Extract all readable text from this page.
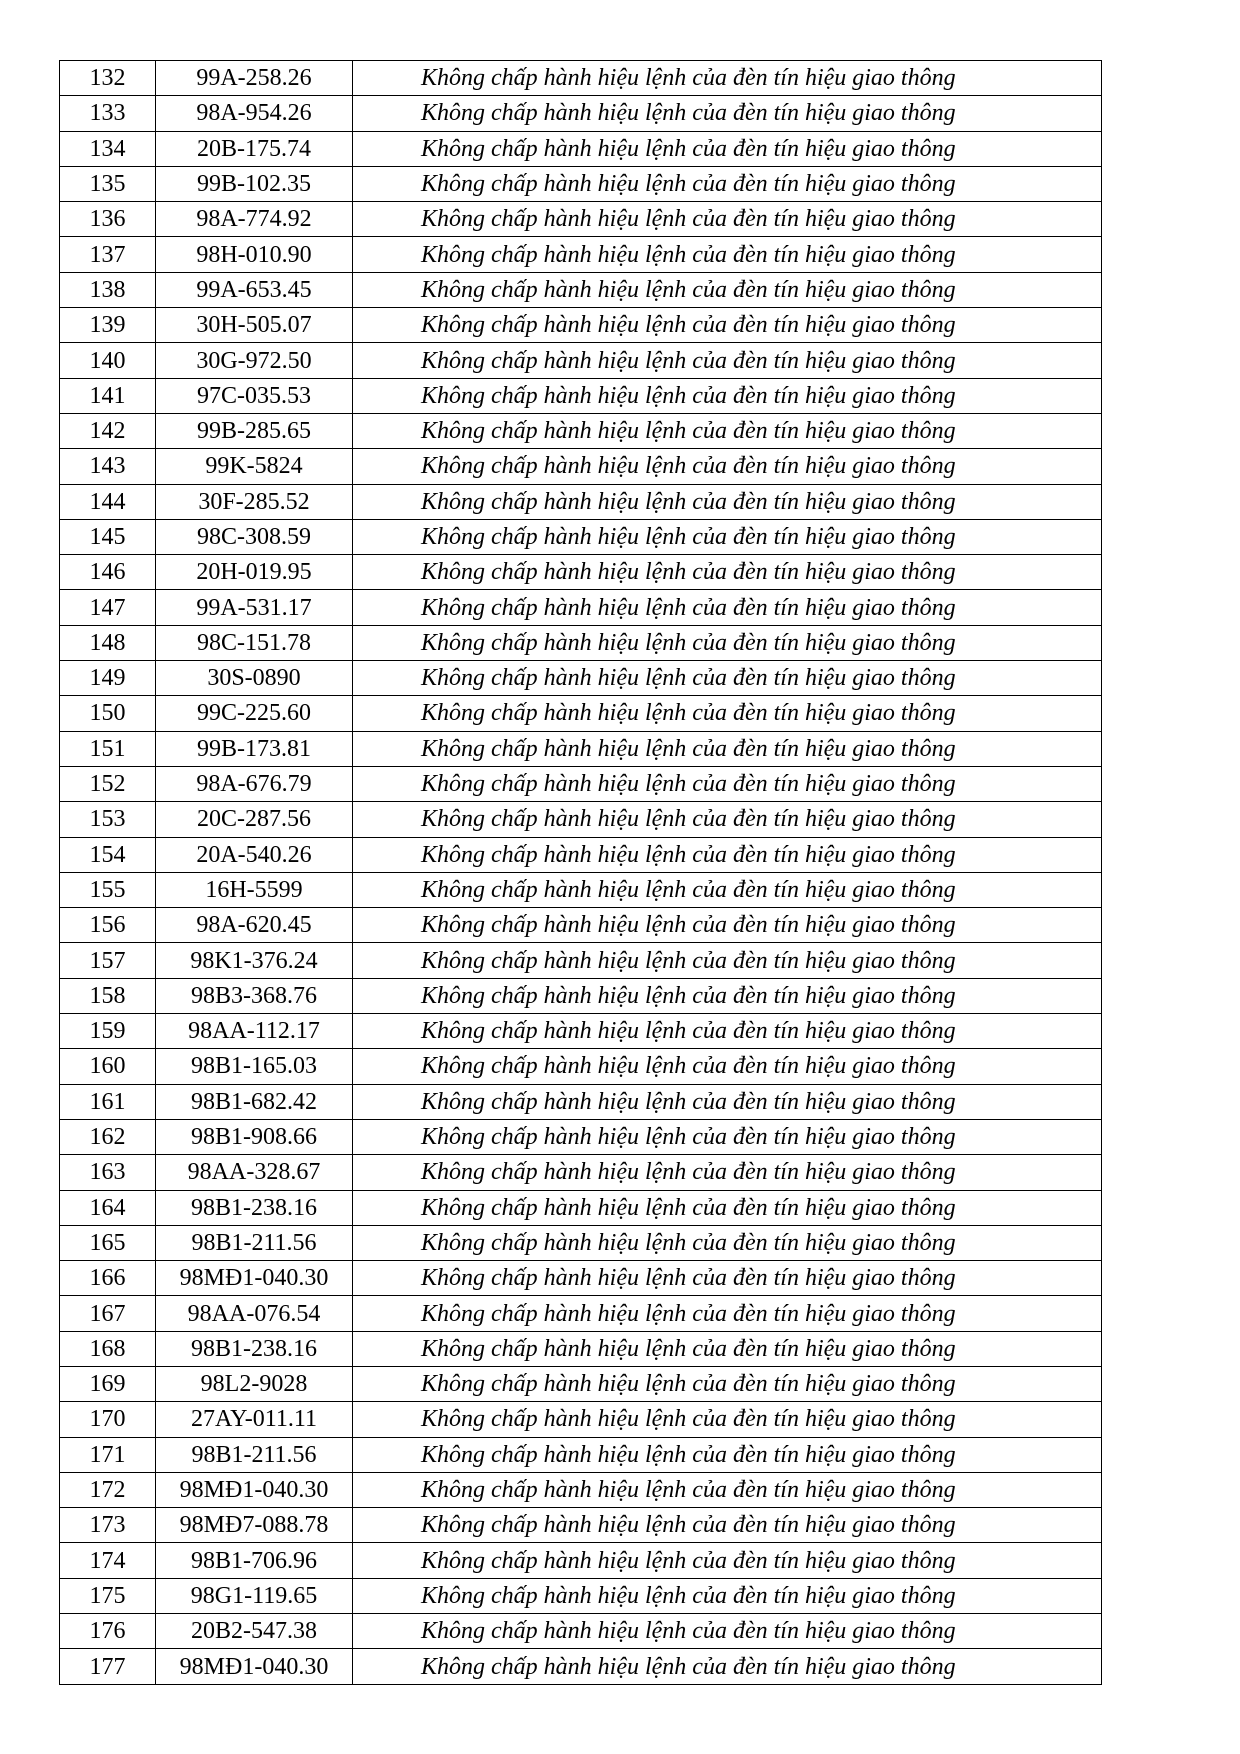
132	99A-258.26	Không chấp hành hiệu lệnh của đèn tín hiệu giao thông
133	98A-954.26	Không chấp hành hiệu lệnh của đèn tín hiệu giao thông
134	20B-175.74	Không chấp hành hiệu lệnh của đèn tín hiệu giao thông
135	99B-102.35	Không chấp hành hiệu lệnh của đèn tín hiệu giao thông
136	98A-774.92	Không chấp hành hiệu lệnh của đèn tín hiệu giao thông
137	98H-010.90	Không chấp hành hiệu lệnh của đèn tín hiệu giao thông
138	99A-653.45	Không chấp hành hiệu lệnh của đèn tín hiệu giao thông
139	30H-505.07	Không chấp hành hiệu lệnh của đèn tín hiệu giao thông
140	30G-972.50	Không chấp hành hiệu lệnh của đèn tín hiệu giao thông
141	97C-035.53	Không chấp hành hiệu lệnh của đèn tín hiệu giao thông
142	99B-285.65	Không chấp hành hiệu lệnh của đèn tín hiệu giao thông
143	99K-5824	Không chấp hành hiệu lệnh của đèn tín hiệu giao thông
144	30F-285.52	Không chấp hành hiệu lệnh của đèn tín hiệu giao thông
145	98C-308.59	Không chấp hành hiệu lệnh của đèn tín hiệu giao thông
146	20H-019.95	Không chấp hành hiệu lệnh của đèn tín hiệu giao thông
147	99A-531.17	Không chấp hành hiệu lệnh của đèn tín hiệu giao thông
148	98C-151.78	Không chấp hành hiệu lệnh của đèn tín hiệu giao thông
149	30S-0890	Không chấp hành hiệu lệnh của đèn tín hiệu giao thông
150	99C-225.60	Không chấp hành hiệu lệnh của đèn tín hiệu giao thông
151	99B-173.81	Không chấp hành hiệu lệnh của đèn tín hiệu giao thông
152	98A-676.79	Không chấp hành hiệu lệnh của đèn tín hiệu giao thông
153	20C-287.56	Không chấp hành hiệu lệnh của đèn tín hiệu giao thông
154	20A-540.26	Không chấp hành hiệu lệnh của đèn tín hiệu giao thông
155	16H-5599	Không chấp hành hiệu lệnh của đèn tín hiệu giao thông
156	98A-620.45	Không chấp hành hiệu lệnh của đèn tín hiệu giao thông
157	98K1-376.24	Không chấp hành hiệu lệnh của đèn tín hiệu giao thông
158	98B3-368.76	Không chấp hành hiệu lệnh của đèn tín hiệu giao thông
159	98AA-112.17	Không chấp hành hiệu lệnh của đèn tín hiệu giao thông
160	98B1-165.03	Không chấp hành hiệu lệnh của đèn tín hiệu giao thông
161	98B1-682.42	Không chấp hành hiệu lệnh của đèn tín hiệu giao thông
162	98B1-908.66	Không chấp hành hiệu lệnh của đèn tín hiệu giao thông
163	98AA-328.67	Không chấp hành hiệu lệnh của đèn tín hiệu giao thông
164	98B1-238.16	Không chấp hành hiệu lệnh của đèn tín hiệu giao thông
165	98B1-211.56	Không chấp hành hiệu lệnh của đèn tín hiệu giao thông
166	98MĐ1-040.30	Không chấp hành hiệu lệnh của đèn tín hiệu giao thông
167	98AA-076.54	Không chấp hành hiệu lệnh của đèn tín hiệu giao thông
168	98B1-238.16	Không chấp hành hiệu lệnh của đèn tín hiệu giao thông
169	98L2-9028	Không chấp hành hiệu lệnh của đèn tín hiệu giao thông
170	27AY-011.11	Không chấp hành hiệu lệnh của đèn tín hiệu giao thông
171	98B1-211.56	Không chấp hành hiệu lệnh của đèn tín hiệu giao thông
172	98MĐ1-040.30	Không chấp hành hiệu lệnh của đèn tín hiệu giao thông
173	98MĐ7-088.78	Không chấp hành hiệu lệnh của đèn tín hiệu giao thông
174	98B1-706.96	Không chấp hành hiệu lệnh của đèn tín hiệu giao thông
175	98G1-119.65	Không chấp hành hiệu lệnh của đèn tín hiệu giao thông
176	20B2-547.38	Không chấp hành hiệu lệnh của đèn tín hiệu giao thông
177	98MĐ1-040.30	Không chấp hành hiệu lệnh của đèn tín hiệu giao thông
